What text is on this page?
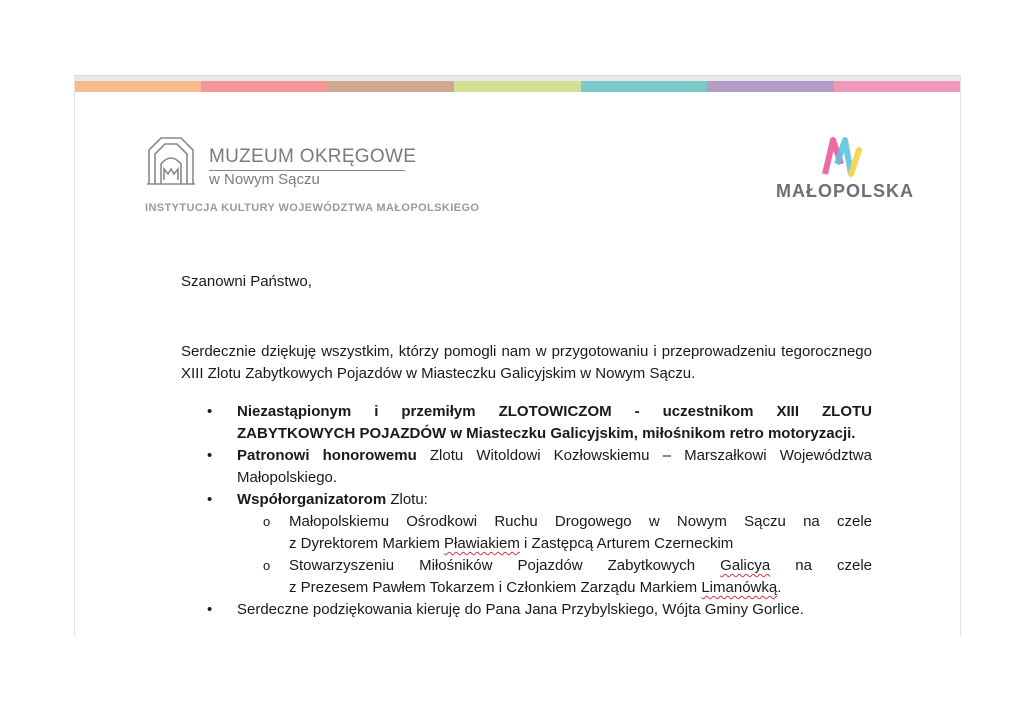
MUZEUM OKRĘGOWE
w Nowym Sączu
INSTYTUCJA KULTURY WOJEWÓDZTWA MAŁOPOLSKIEGO
MAŁOPOLSKA

Szanowni Państwo,

Serdecznie dziękuję wszystkim, którzy pomogli nam w przygotowaniu i przeprowadzeniu tegorocznego XIII Zlotu Zabytkowych Pojazdów w Miasteczku Galicyjskim w Nowym Sączu.

• Niezastąpionym i przemiłym ZLOTOWICZOM - uczestnikom XIII ZLOTU
ZABYTKOWYCH POJAZDÓW w Miasteczku Galicyjskim, miłośnikom retro motoryzacji.
• Patronowi honorowemu Zlotu Witoldowi Kozłowskiemu – Marszałkowi Województwa Małopolskiego.
• Współorganizatorom Zlotu:
o Małopolskiemu Ośrodkowi Ruchu Drogowego w Nowym Sączu na czele
z Dyrektorem Markiem Pławiakiem i Zastępcą Arturem Czerneckim
o Stowarzyszeniu Miłośników Pojazdów Zabytkowych Galicya na czele
z Prezesem Pawłem Tokarzem i Członkiem Zarządu Markiem Limanówką.
• Serdeczne podziękowania kieruję do Pana Jana Przybylskiego, Wójta Gminy Gorlice.
